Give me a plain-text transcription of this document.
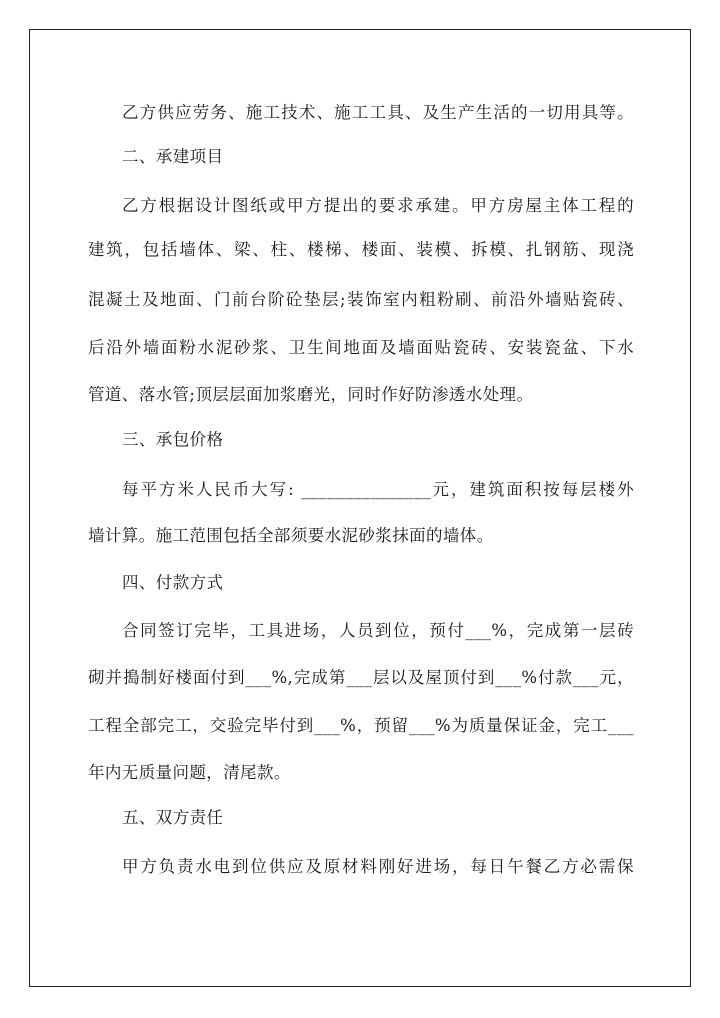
乙方供应劳务、施工技术、施工工具、及生产生活的一切用具等。
二、承建项目
乙方根据设计图纸或甲方提出的要求承建。甲方房屋主体工程的
建筑，包括墙体、梁、柱、楼梯、楼面、装模、拆模、扎钢筋、现浇
混凝土及地面、门前台阶砼垫层;装饰室内粗粉刷、前沿外墙贴瓷砖、
后沿外墙面粉水泥砂浆、卫生间地面及墙面贴瓷砖、安装瓷盆、下水
管道、落水管;顶层层面加浆磨光，同时作好防渗透水处理。
三、承包价格
每平方米人民币大写: _______________元，建筑面积按每层楼外
墙计算。施工范围包括全部须要水泥砂浆抹面的墙体。
四、付款方式
合同签订完毕，工具进场，人员到位，预付___%，完成第一层砖
砌并搗制好楼面付到___%,完成第___层以及屋顶付到___%付款___元，
工程全部完工，交验完毕付到___%，预留___%为质量保证金，完工___
年内无质量问题，清尾款。
五、双方责任
甲方负责水电到位供应及原材料刚好进场，每日午餐乙方必需保
